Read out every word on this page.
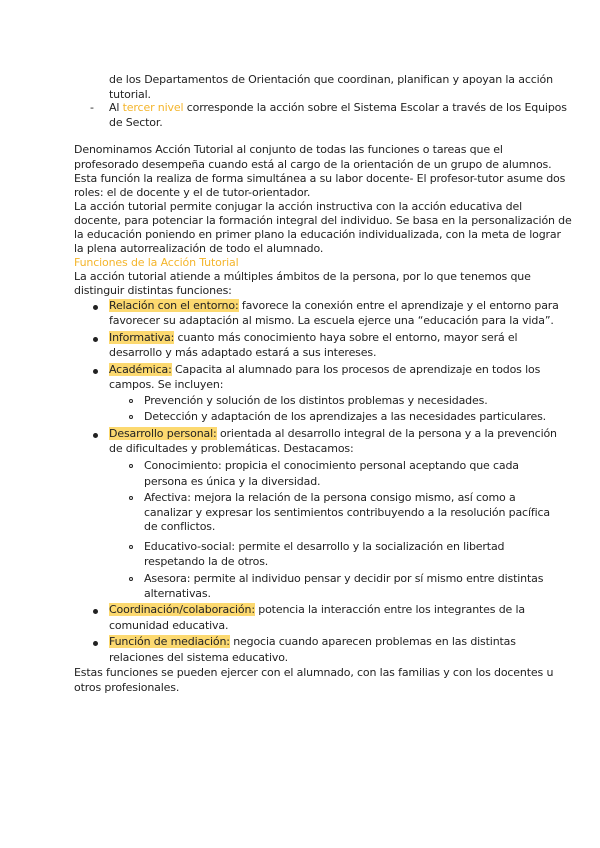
de los Departamentos de Orientación que coordinan, planifican y apoyan la acción

tutorial.

- Al tercer nivel corresponde la acción sobre el Sistema Escolar a través de los Equipos

de Sector.

Denominamos Acción Tutorial al conjunto de todas las funciones o tareas que el

profesorado desempeña cuando está al cargo de la orientación de un grupo de alumnos.

Esta función la realiza de forma simultánea a su labor docente- El profesor-tutor asume dos

roles: el de docente y el de tutor-orientador.

La acción tutorial permite conjugar la acción instructiva con la acción educativa del

docente, para potenciar la formación integral del individuo. Se basa en la personalización de

la educación poniendo en primer plano la educación individualizada, con la meta de lograr

la plena autorrealización de todo el alumnado.

Funciones de la Acción Tutorial

La acción tutorial atiende a múltiples ámbitos de la persona, por lo que tenemos que

distinguir distintas funciones:

Relación con el entorno: favorece la conexión entre el aprendizaje y el entorno para

favorecer su adaptación al mismo. La escuela ejerce una “educación para la vida”.

Informativa: cuanto más conocimiento haya sobre el entorno, mayor será el

desarrollo y más adaptado estará a sus intereses.

Académica: Capacita al alumnado para los procesos de aprendizaje en todos los

campos. Se incluyen:

Prevención y solución de los distintos problemas y necesidades.

Detección y adaptación de los aprendizajes a las necesidades particulares.

Desarrollo personal: orientada al desarrollo integral de la persona y a la prevención

de dificultades y problemáticas. Destacamos:

Conocimiento: propicia el conocimiento personal aceptando que cada

persona es única y la diversidad.

Afectiva: mejora la relación de la persona consigo mismo, así como a

canalizar y expresar los sentimientos contribuyendo a la resolución pacífica

de conflictos.

Educativo-social: permite el desarrollo y la socialización en libertad

respetando la de otros.

Asesora: permite al individuo pensar y decidir por sí mismo entre distintas

alternativas.

Coordinación/colaboración: potencia la interacción entre los integrantes de la

comunidad educativa.

Función de mediación: negocia cuando aparecen problemas en las distintas

relaciones del sistema educativo.

Estas funciones se pueden ejercer con el alumnado, con las familias y con los docentes u

otros profesionales.
